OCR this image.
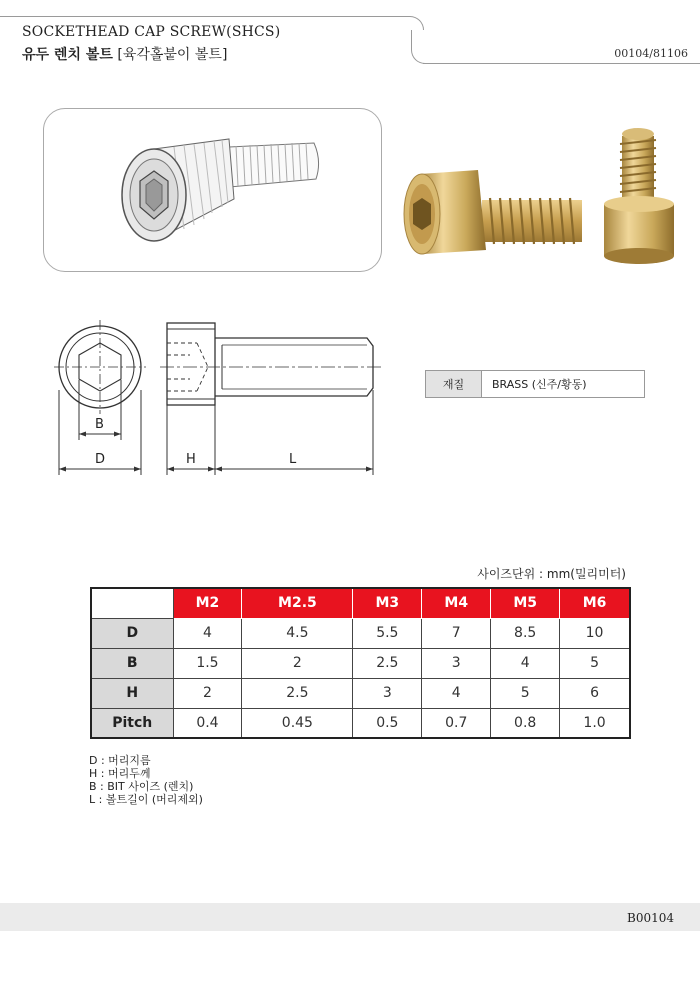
SOCKETHEAD CAP SCREW(SHCS)
유두 렌치 볼트 [육각홀붙이 볼트]	00104/81106
B
D	H	L
재질	BRASS (신주/황동)
사이즈단위 : mm(밀리미터)
	M2	M2.5	M3	M4	M5	M6
D	4	4.5	5.5	7	8.5	10
B	1.5	2	2.5	3	4	5
H	2	2.5	3	4	5	6
Pitch	0.4	0.45	0.5	0.7	0.8	1.0
D : 머리지름
H : 머리두께
B : BIT 사이즈 (렌치)
L : 볼트길이 (머리제외)
B00104
